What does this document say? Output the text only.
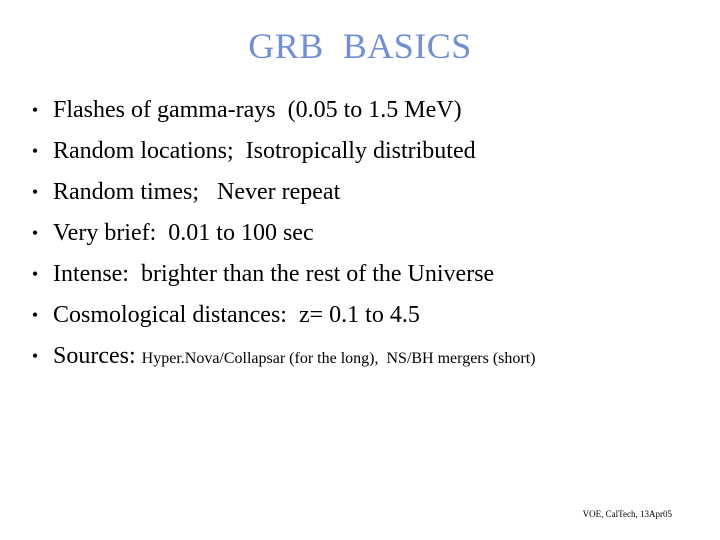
GRB  BASICS

•

Flashes of gamma-rays  (0.05 to 1.5 MeV)

•

Random locations;  Isotropically distributed

•

Random times;   Never repeat

•

Very brief:  0.01 to 100 sec

•

Intense:  brighter than the rest of the Universe

•

Cosmological distances:  z= 0.1 to 4.5

•

Sources: Hyper.Nova/Collapsar (for the long),  NS/BH mergers (short)

VOE, CalTech, 13Apr05
